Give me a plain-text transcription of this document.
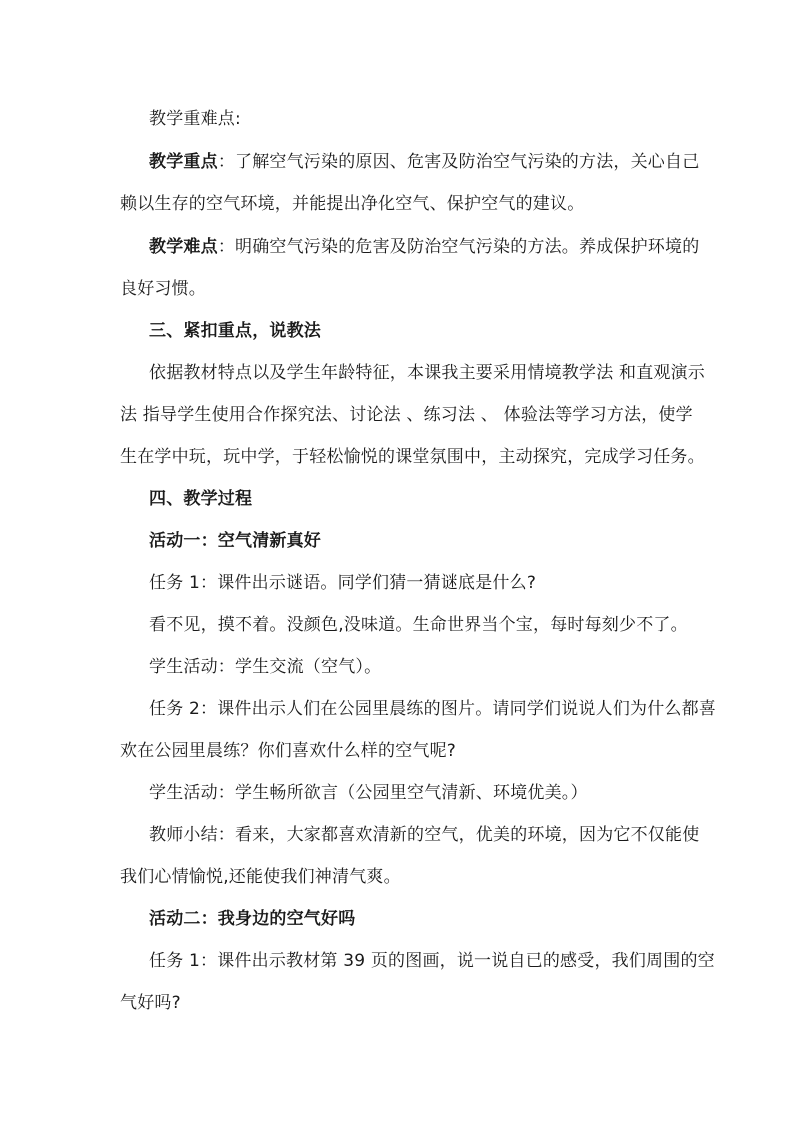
教学重难点:
教学重点：了解空气污染的原因、危害及防治空气污染的方法，关心自己
赖以生存的空气环境，并能提出净化空气、保护空气的建议。
教学难点：明确空气污染的危害及防治空气污染的方法。养成保护环境的
良好习惯。
三、紧扣重点，说教法
依据教材特点以及学生年龄特征，本课我主要采用情境教学法 和直观演示
法 指导学生使用合作探究法、讨论法 、练习法 、 体验法等学习方法，使学
生在学中玩，玩中学，于轻松愉悦的课堂氛围中，主动探究，完成学习任务。
四、教学过程
活动一：空气清新真好
任务 1：课件出示谜语。同学们猜一猜谜底是什么?
看不见，摸不着。没颜色,没味道。生命世界当个宝，每时每刻少不了。
学生活动：学生交流（空气）。
任务 2：课件出示人们在公园里晨练的图片。请同学们说说人们为什么都喜
欢在公园里晨练？你们喜欢什么样的空气呢?
学生活动：学生畅所欲言（公园里空气清新、环境优美。）
教师小结：看来，大家都喜欢清新的空气，优美的环境，因为它不仅能使
我们心情愉悦,还能使我们神清气爽。
活动二：我身边的空气好吗
任务 1：课件出示教材第 39 页的图画，说一说自已的感受，我们周围的空
气好吗?
